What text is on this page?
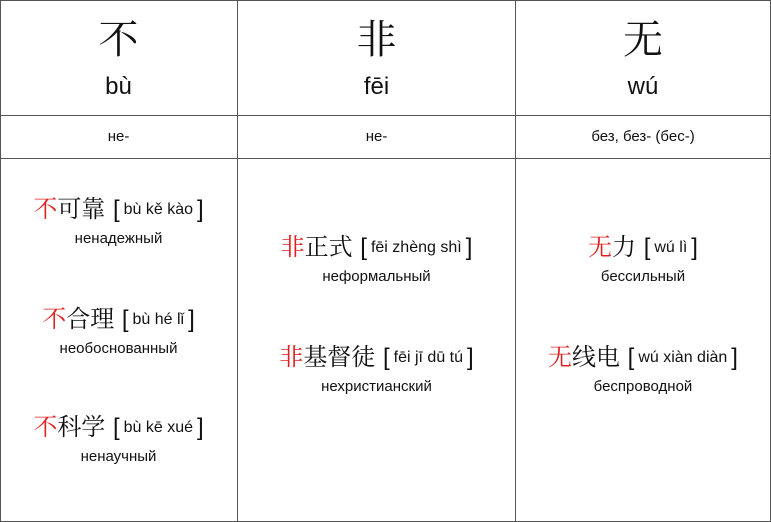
不
bù
не-
不可靠 [ bù kě kào ]
ненадежный
不合理 [ bù hé lǐ ]
необоснованный
不科学 [ bù kē xué ]
ненаучный
非
fēi
не-
非正式 [ fēi zhèng shì ]
неформальный
非基督徒 [ fēi jī dū tú ]
нехристианский
无
wú
без, без- (бес-)
无力 [ wú lì ]
бессильный
无线电 [ wú xiàn diàn ]
беспроводной
